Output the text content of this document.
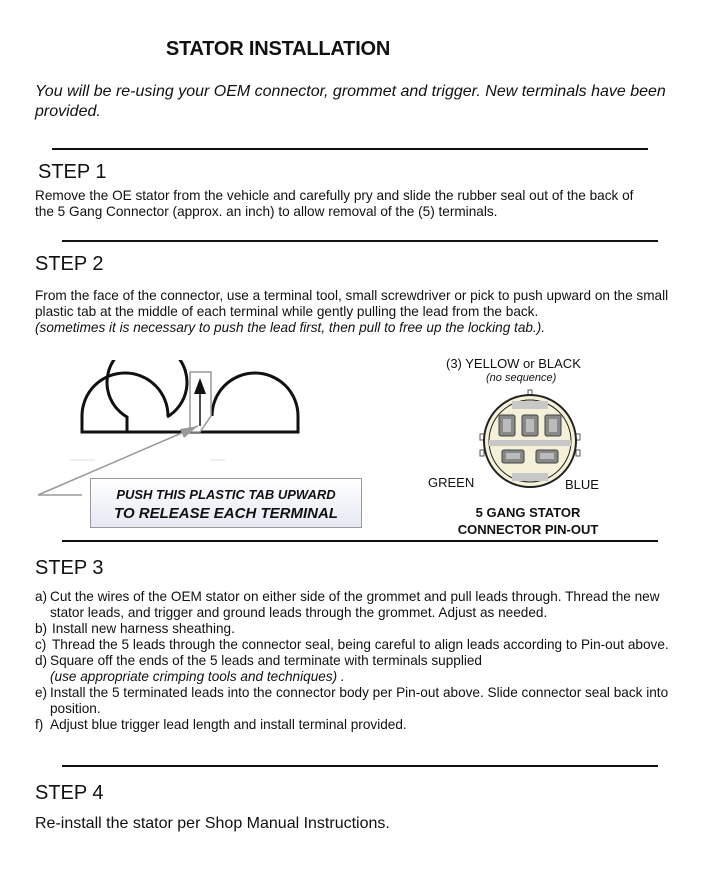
STATOR INSTALLATION
You will be re-using your OEM connector, grommet and trigger. New terminals have been provided.
STEP 1
Remove the OE stator from the vehicle and carefully pry and slide the rubber seal out of the back of the 5 Gang Connector (approx. an inch) to allow removal of the (5) terminals.
STEP 2
From the face of the connector, use a terminal tool, small screwdriver or pick to push upward on the small plastic tab at the middle of each terminal while gently pulling the lead from the back.
(sometimes it is necessary to push the lead first, then pull to free up the locking tab.).
PUSH THIS PLASTIC TAB UPWARD
TO RELEASE EACH TERMINAL
(3) YELLOW or BLACK
(no sequence)
GREEN	BLUE
5 GANG STATOR
CONNECTOR PIN-OUT
STEP 3
a) Cut the wires of the OEM stator on either side of the grommet and pull leads through. Thread the new stator leads, and trigger and ground leads through the grommet. Adjust as needed.
b) Install new harness sheathing.
c) Thread the 5 leads through the connector seal, being careful to align leads according to Pin-out above.
d) Square off the ends of the 5 leads and terminate with terminals supplied
(use appropriate crimping tools and techniques) .
e) Install the 5 terminated leads into the connector body per Pin-out above. Slide connector seal back into position.
f) Adjust blue trigger lead length and install terminal provided.
STEP 4
Re-install the stator per Shop Manual Instructions.
